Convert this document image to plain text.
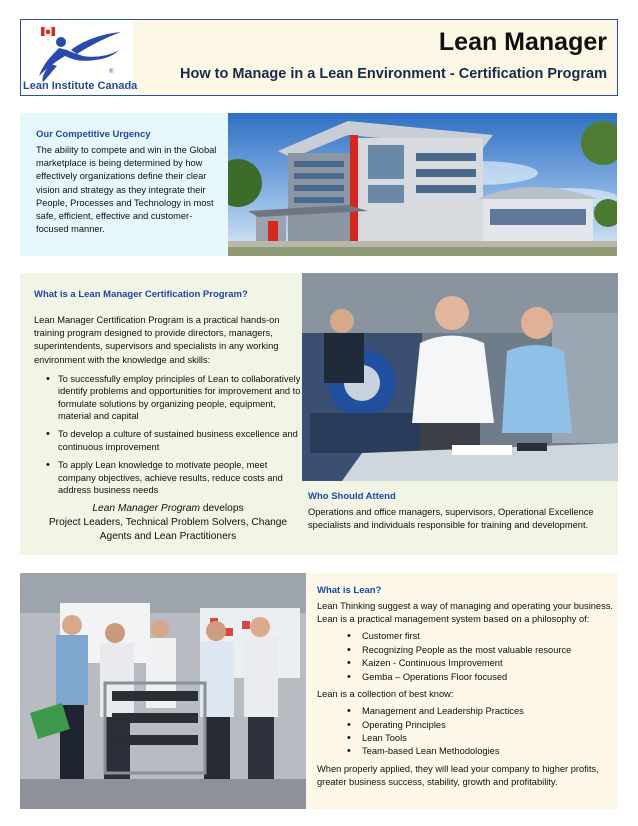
®
Lean Institute Canada
Lean Manager
How to Manage in a Lean Environment - Certification Program
Our Competitive Urgency
The ability to compete and win in the Global marketplace is being determined by how effectively organizations define their clear vision and strategy as they integrate their People, Processes and Technology in most safe, efficient, effective and customer-focused manner.
What is a Lean Manager Certification Program?
Lean Manager Certification Program is a practical hands-on training program designed to provide directors, managers, superintendents, supervisors and specialists in any working environment with the knowledge and skills:
• To successfully employ principles of Lean to collaboratively identify problems and opportunities for improvement and to formulate solutions by organizing people, equipment, material and capital
• To develop a culture of sustained business excellence and continuous improvement
• To apply Lean knowledge to motivate people, meet company objectives, achieve results, reduce costs and address business needs
Lean Manager Program develops
Project Leaders, Technical Problem Solvers, Change Agents and Lean Practitioners
Who Should Attend
Operations and office managers, supervisors, Operational Excellence specialists and individuals responsible for training and development.
What is Lean?
Lean Thinking suggest a way of managing and operating your business. Lean is a practical management system based on a philosophy of:
• Customer first
• Recognizing People as the most valuable resource
• Kaizen - Continuous Improvement
• Gemba – Operations Floor focused
Lean is a collection of best know:
• Management and Leadership Practices
• Operating Principles
• Lean Tools
• Team-based Lean Methodologies
When properly applied, they will lead your company to higher profits, greater business success, stability, growth and profitability.
